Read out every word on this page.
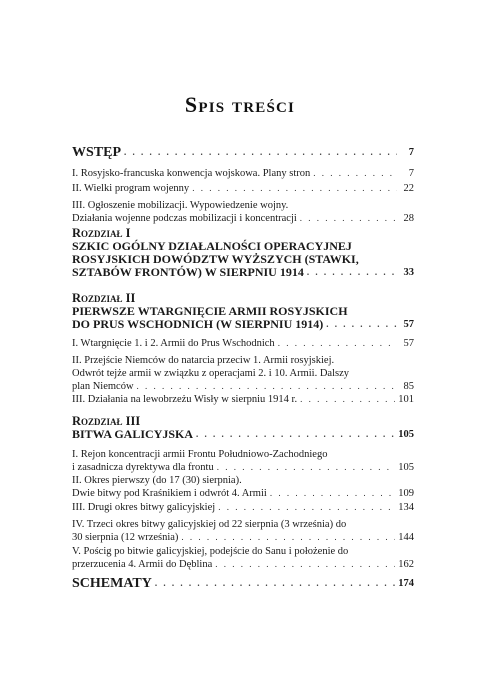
Spis treści
WSTĘP . . .	7
I. Rosyjsko-francuska konwencja wojskowa. Plany stron . . .	7
II. Wielki program wojenny . . .	22
III. Ogłoszenie mobilizacji. Wypowiedzenie wojny.
Działania wojenne podczas mobilizacji i koncentracji . . .	28
Rozdział I
SZKIC OGÓLNY DZIAŁALNOŚCI OPERACYJNEJ
ROSYJSKICH DOWÓDZTW WYŻSZYCH (STAWKI,
SZTABÓW FRONTÓW) W SIERPNIU 1914 . . .	33
Rozdział II
PIERWSZE WTARGNIĘCIE ARMII ROSYJSKICH
DO PRUS WSCHODNICH (W SIERPNIU 1914) . . .	57
I. Wtargnięcie 1. i 2. Armii do Prus Wschodnich . . .	57
II. Przejście Niemców do natarcia przeciw 1. Armii rosyjskiej.
Odwrót tejże armii w związku z operacjami 2. i 10. Armii. Dalszy
plan Niemców . . .	85
III. Działania na lewobrzeżu Wisły w sierpniu 1914 r. . . .	101
Rozdział III
BITWA GALICYJSKA . . .	105
I. Rejon koncentracji armii Frontu Południowo-Zachodniego
i zasadnicza dyrektywa dla frontu . . .	105
II. Okres pierwszy (do 17 (30) sierpnia).
Dwie bitwy pod Kraśnikiem i odwrót 4. Armii . . .	109
III. Drugi okres bitwy galicyjskiej . . .	134
IV. Trzeci okres bitwy galicyjskiej od 22 sierpnia (3 września) do
30 sierpnia (12 września) . . .	144
V. Pościg po bitwie galicyjskiej, podejście do Sanu i położenie do
przerzucenia 4. Armii do Dęblina . . .	162
SCHEMATY . . .	174
